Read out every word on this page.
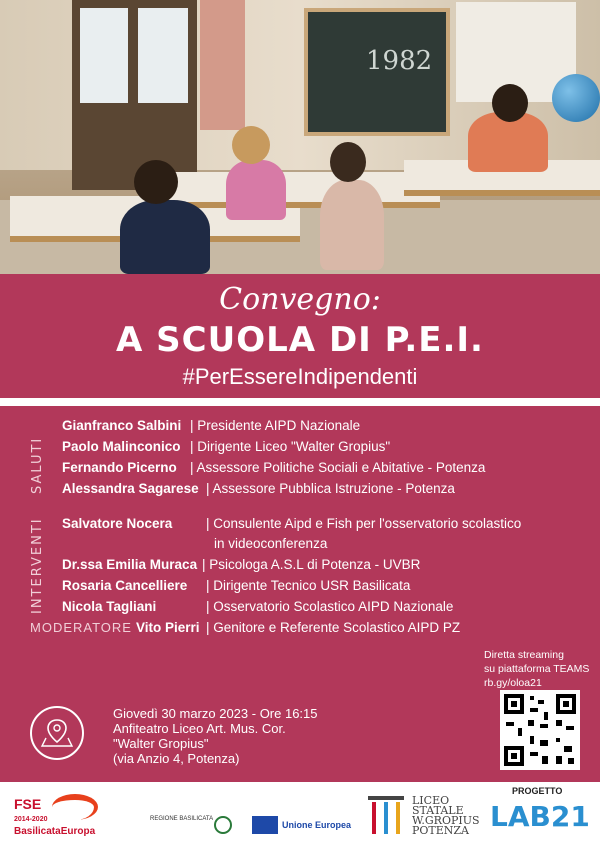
1982
Convegno:
A SCUOLA DI P.E.I.
#PerEssereIndipendenti
SALUTI
INTERVENTI
Gianfranco Salbini | Presidente AIPD Nazionale
Paolo Malinconico | Dirigente Liceo "Walter Gropius"
Fernando Picerno | Assessore Politiche Sociali e Abitative - Potenza
Alessandra Sagarese | Assessore Pubblica Istruzione - Potenza
Salvatore Nocera | Consulente Aipd e Fish per l'osservatorio scolastico
in videoconferenza
Dr.ssa Emilia Muraca | Psicologa A.S.L di Potenza - UVBR
Rosaria Cancelliere | Dirigente Tecnico USR Basilicata
Nicola Tagliani	| Osservatorio Scolastico AIPD Nazionale
MODERATORE Vito Pierri | Genitore e Referente Scolastico AIPD PZ
Diretta streaming
su piattaforma TEAMS
rb.gy/oloa21
Giovedì 30 marzo 2023 - Ore 16:15
Anfiteatro Liceo Art. Mus. Cor.
"Walter Gropius"
(via Anzio 4, Potenza)
FSE
2014-2020
BasilicataEuropa
REGIONE BASILICATA
Unione Europea
LICEO
STATALE
W.GROPIUS
POTENZA
PROGETTO
LAB21
